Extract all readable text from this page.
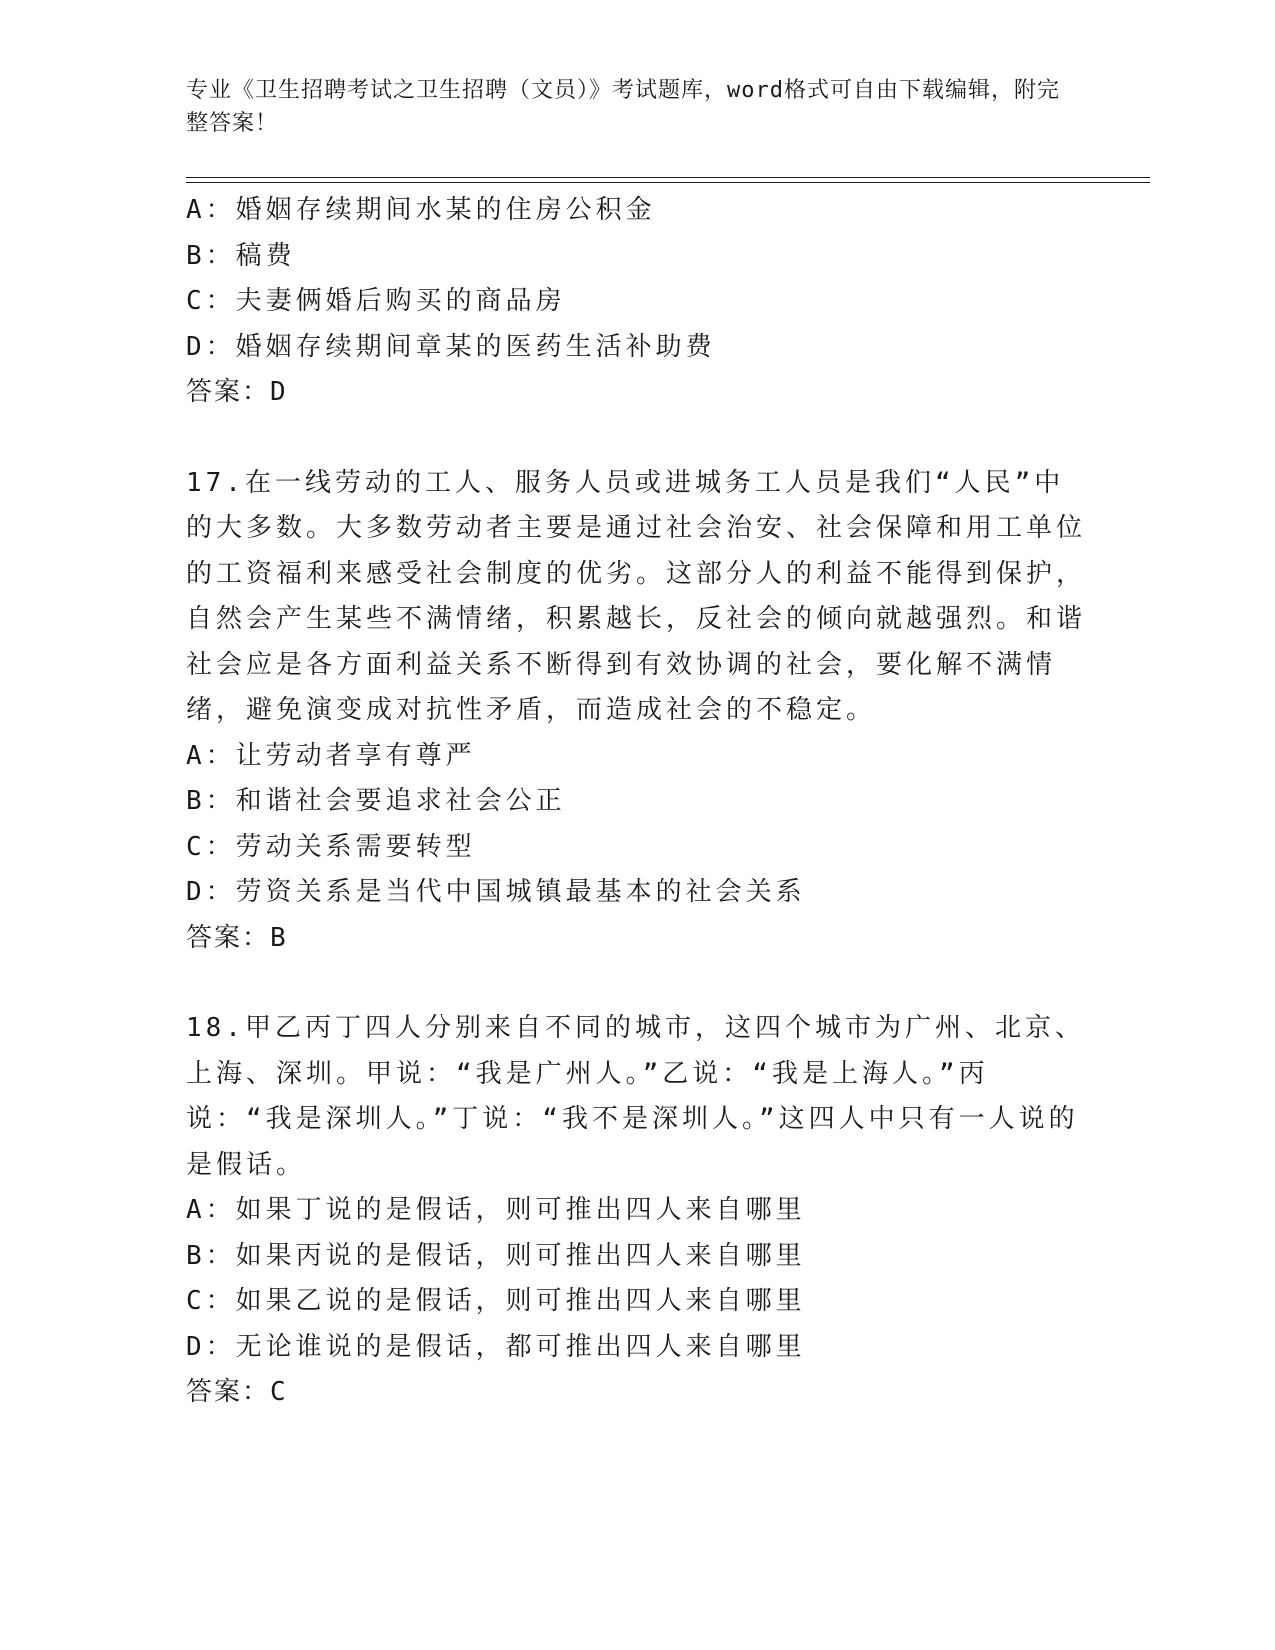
专业《卫生招聘考试之卫生招聘（文员）》考试题库，word格式可自由下载编辑，附完整答案！

A：婚姻存续期间水某的住房公积金

B：稿费

C：夫妻俩婚后购买的商品房

D：婚姻存续期间章某的医药生活补助费

答案：D

17.在一线劳动的工人、服务人员或进城务工人员是我们“人民”中的大多数。大多数劳动者主要是通过社会治安、社会保障和用工单位的工资福利来感受社会制度的优劣。这部分人的利益不能得到保护，自然会产生某些不满情绪，积累越长，反社会的倾向就越强烈。和谐社会应是各方面利益关系不断得到有效协调的社会，要化解不满情绪，避免演变成对抗性矛盾，而造成社会的不稳定。

A：让劳动者享有尊严

B：和谐社会要追求社会公正

C：劳动关系需要转型

D：劳资关系是当代中国城镇最基本的社会关系

答案：B

18.甲乙丙丁四人分别来自不同的城市，这四个城市为广州、北京、上海、深圳。甲说：“我是广州人。”乙说：“我是上海人。”丙说：“我是深圳人。”丁说：“我不是深圳人。”这四人中只有一人说的是假话。

A：如果丁说的是假话，则可推出四人来自哪里

B：如果丙说的是假话，则可推出四人来自哪里

C：如果乙说的是假话，则可推出四人来自哪里

D：无论谁说的是假话，都可推出四人来自哪里

答案：C
